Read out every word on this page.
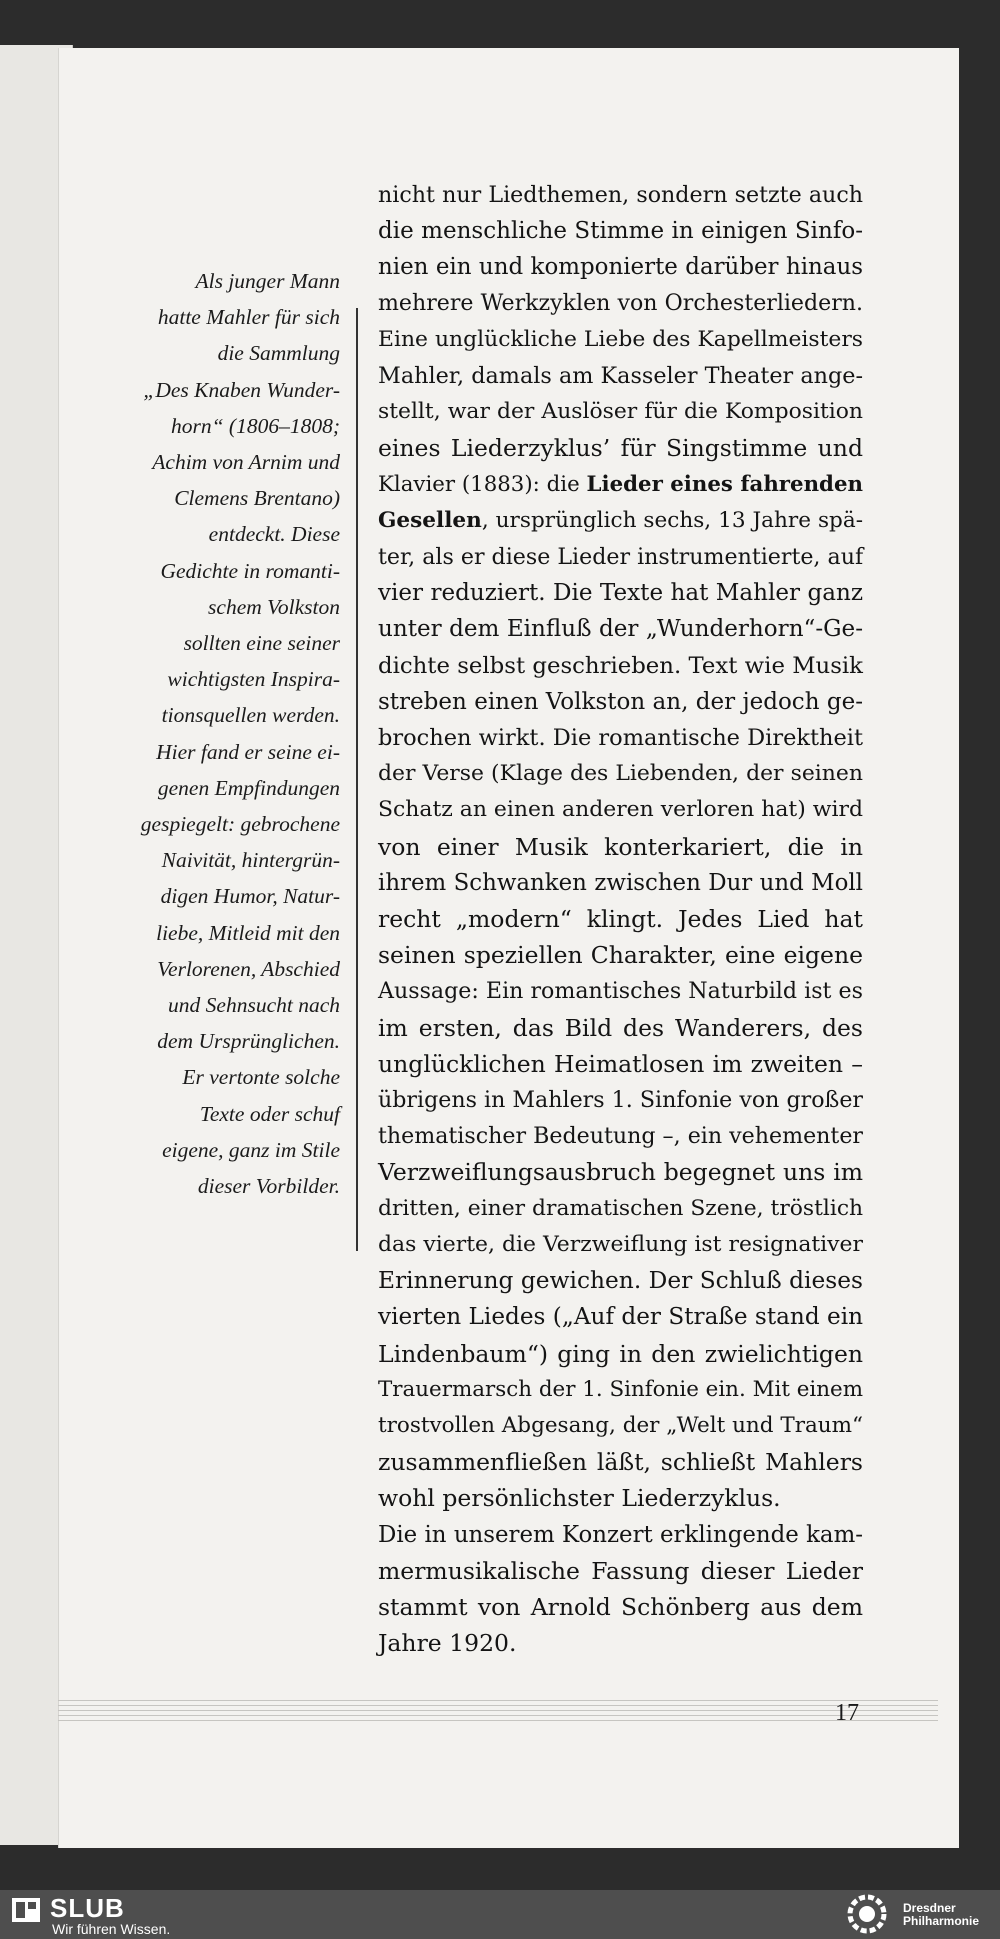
Als junger Mann
hatte Mahler für sich
die Sammlung
„Des Knaben Wunder-
horn“ (1806–1808;
Achim von Arnim und
Clemens Brentano)
entdeckt. Diese
Gedichte in romanti-
schem Volkston
sollten eine seiner
wichtigsten Inspira-
tionsquellen werden.
Hier fand er seine ei-
genen Empfindungen
gespiegelt: gebrochene
Naivität, hintergrün-
digen Humor, Natur-
liebe, Mitleid mit den
Verlorenen, Abschied
und Sehnsucht nach
dem Ursprünglichen.
Er vertonte solche
Texte oder schuf
eigene, ganz im Stile
dieser Vorbilder.

nicht nur Liedthemen, sondern setzte auch
die menschliche Stimme in einigen Sinfo-
nien ein und komponierte darüber hinaus
mehrere Werkzyklen von Orchesterliedern.
Eine unglückliche Liebe des Kapellmeisters
Mahler, damals am Kasseler Theater ange-
stellt, war der Auslöser für die Komposition
eines Liederzyklus’ für Singstimme und
Klavier (1883): die Lieder eines fahrenden
Gesellen, ursprünglich sechs, 13 Jahre spä-
ter, als er diese Lieder instrumentierte, auf
vier reduziert. Die Texte hat Mahler ganz
unter dem Einfluß der „Wunderhorn“-Ge-
dichte selbst geschrieben. Text wie Musik
streben einen Volkston an, der jedoch ge-
brochen wirkt. Die romantische Direktheit
der Verse (Klage des Liebenden, der seinen
Schatz an einen anderen verloren hat) wird
von einer Musik konterkariert, die in
ihrem Schwanken zwischen Dur und Moll
recht „modern“ klingt. Jedes Lied hat
seinen speziellen Charakter, eine eigene
Aussage: Ein romantisches Naturbild ist es
im ersten, das Bild des Wanderers, des
unglücklichen Heimatlosen im zweiten –
übrigens in Mahlers 1. Sinfonie von großer
thematischer Bedeutung –, ein vehementer
Verzweiflungsausbruch begegnet uns im
dritten, einer dramatischen Szene, tröstlich
das vierte, die Verzweiflung ist resignativer
Erinnerung gewichen. Der Schluß dieses
vierten Liedes („Auf der Straße stand ein
Lindenbaum“) ging in den zwielichtigen
Trauermarsch der 1. Sinfonie ein. Mit einem
trostvollen Abgesang, der „Welt und Traum“
zusammenfließen läßt, schließt Mahlers
wohl persönlichster Liederzyklus.

Die in unserem Konzert erklingende kam-
mermusikalische Fassung dieser Lieder
stammt von Arnold Schönberg aus dem
Jahre 1920.

17
SLUB
Wir führen Wissen.
Dresdner
Philharmonie
